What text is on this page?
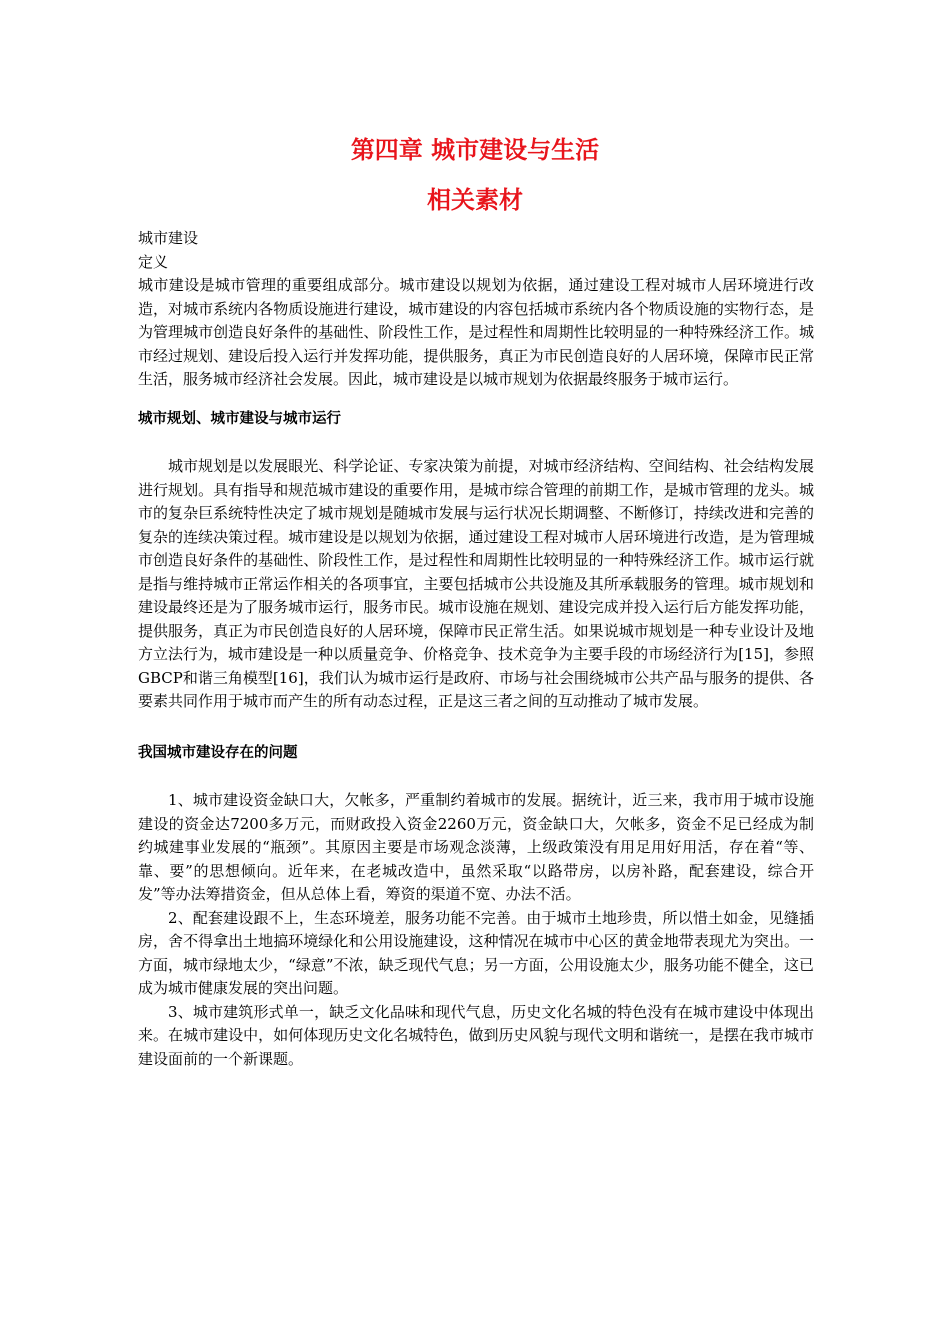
第四章 城市建设与生活
相关素材

城市建设

定义

城市建设是城市管理的重要组成部分。城市建设以规划为依据，通过建设工程对城市人居环境进行改造，对城市系统内各物质设施进行建设，城市建设的内容包括城市系统内各个物质设施的实物行态，是为管理城市创造良好条件的基础性、阶段性工作，是过程性和周期性比较明显的一种特殊经济工作。城市经过规划、建设后投入运行并发挥功能，提供服务，真正为市民创造良好的人居环境，保障市民正常生活，服务城市经济社会发展。因此，城市建设是以城市规划为依据最终服务于城市运行。

城市规划、城市建设与城市运行

城市规划是以发展眼光、科学论证、专家决策为前提，对城市经济结构、空间结构、社会结构发展进行规划。具有指导和规范城市建设的重要作用，是城市综合管理的前期工作，是城市管理的龙头。城市的复杂巨系统特性决定了城市规划是随城市发展与运行状况长期调整、不断修订，持续改进和完善的复杂的连续决策过程。城市建设是以规划为依据，通过建设工程对城市人居环境进行改造，是为管理城市创造良好条件的基础性、阶段性工作，是过程性和周期性比较明显的一种特殊经济工作。城市运行就是指与维持城市正常运作相关的各项事宜，主要包括城市公共设施及其所承载服务的管理。城市规划和建设最终还是为了服务城市运行，服务市民。城市设施在规划、建设完成并投入运行后方能发挥功能，提供服务，真正为市民创造良好的人居环境，保障市民正常生活。如果说城市规划是一种专业设计及地方立法行为，城市建设是一种以质量竞争、价格竞争、技术竞争为主要手段的市场经济行为[15]，参照GBCP和谐三角模型[16]，我们认为城市运行是政府、市场与社会围绕城市公共产品与服务的提供、各要素共同作用于城市而产生的所有动态过程，正是这三者之间的互动推动了城市发展。

我国城市建设存在的问题

1、城市建设资金缺口大，欠帐多，严重制约着城市的发展。据统计，近三来，我市用于城市设施建设的资金达7200多万元，而财政投入资金2260万元，资金缺口大，欠帐多，资金不足已经成为制约城建事业发展的“瓶颈”。其原因主要是市场观念淡薄，上级政策没有用足用好用活，存在着“等、靠、要”的思想倾向。近年来，在老城改造中，虽然采取“以路带房，以房补路，配套建设，综合开发”等办法筹措资金，但从总体上看，筹资的渠道不宽、办法不活。

2、配套建设跟不上，生态环境差，服务功能不完善。由于城市土地珍贵，所以惜土如金，见缝插房，舍不得拿出土地搞环境绿化和公用设施建设，这种情况在城市中心区的黄金地带表现尤为突出。一方面，城市绿地太少，“绿意”不浓，缺乏现代气息；另一方面，公用设施太少，服务功能不健全，这已成为城市健康发展的突出问题。

3、城市建筑形式单一，缺乏文化品味和现代气息，历史文化名城的特色没有在城市建设中体现出来。在城市建设中，如何体现历史文化名城特色，做到历史风貌与现代文明和谐统一，是摆在我市城市建设面前的一个新课题。
